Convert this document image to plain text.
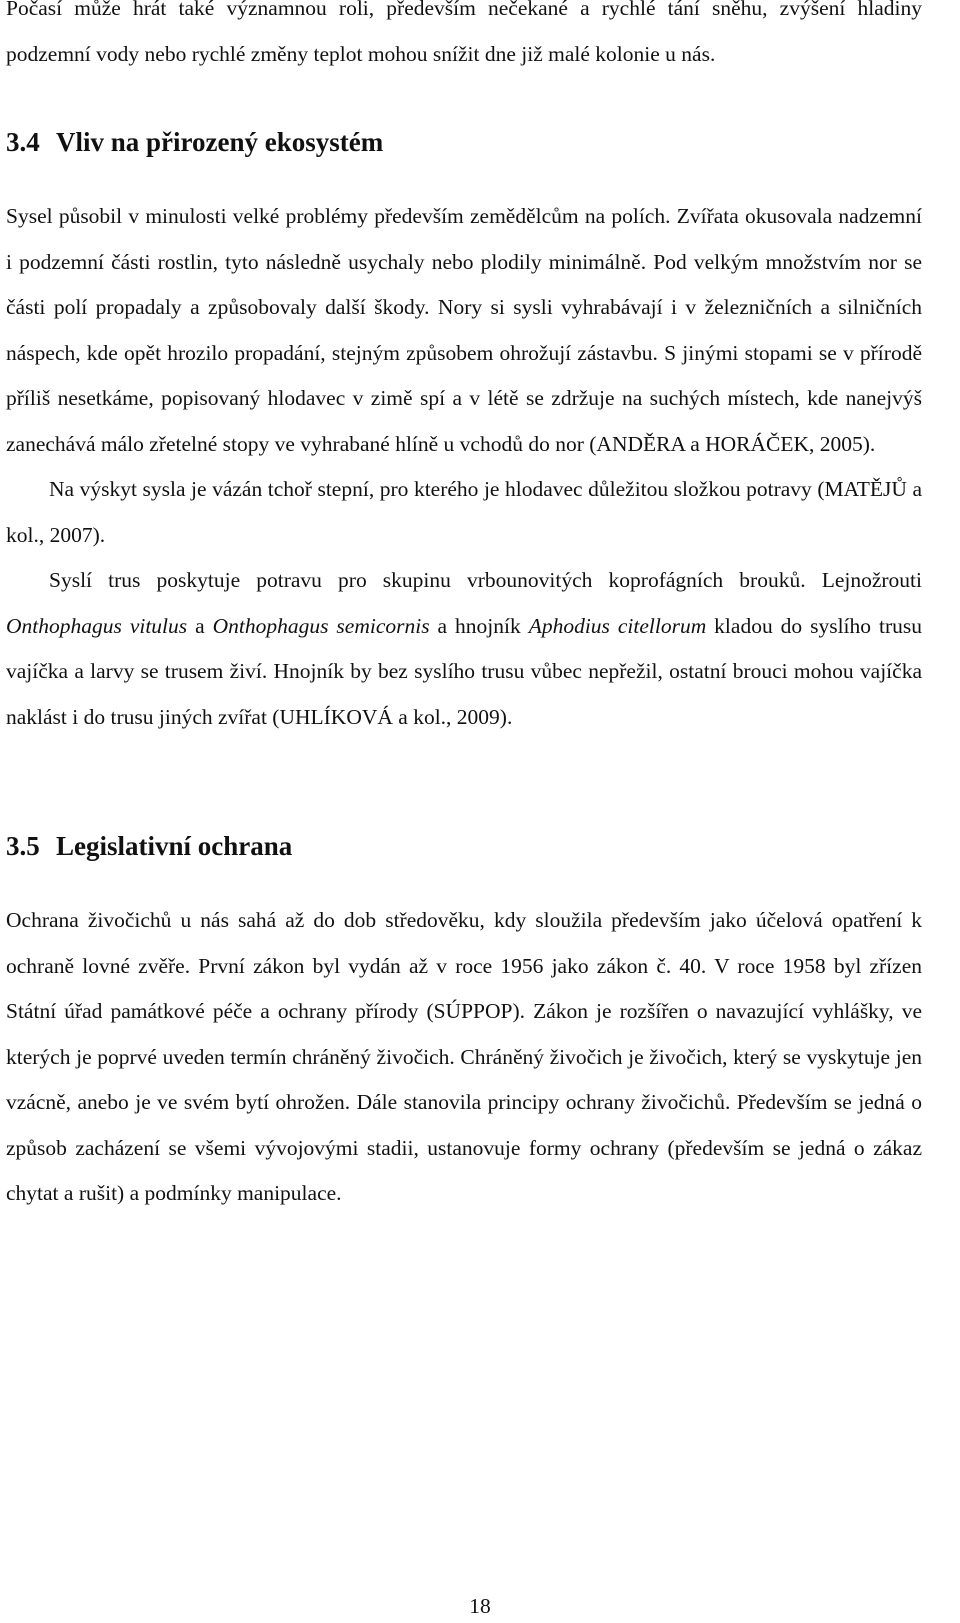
Počasí může hrát také významnou roli, především nečekané a rychlé tání sněhu, zvýšení hladiny podzemní vody nebo rychlé změny teplot mohou snížit dne již malé kolonie u nás.

3.4 Vliv na přirozený ekosystém

Sysel působil v minulosti velké problémy především zemědělcům na polích. Zvířata okusovala nadzemní i podzemní části rostlin, tyto následně usychaly nebo plodily minimálně. Pod velkým množstvím nor se části polí propadaly a způsobovaly další škody. Nory si sysli vyhrabávají i v železničních a silničních náspech, kde opět hrozilo propadání, stejným způsobem ohrožují zástavbu. S jinými stopami se v přírodě příliš nesetkáme, popisovaný hlodavec v zimě spí a v létě se zdržuje na suchých místech, kde nanejvýš zanechává málo zřetelné stopy ve vyhrabané hlíně u vchodů do nor (ANDĚRA a HORÁČEK, 2005).

Na výskyt sysla je vázán tchoř stepní, pro kterého je hlodavec důležitou složkou potravy (MATĚJŮ a kol., 2007).

Syslí trus poskytuje potravu pro skupinu vrbounovitých koprofágních brouků. Lejnožrouti Onthophagus vitulus a Onthophagus semicornis a hnojník Aphodius citellorum kladou do syslího trusu vajíčka a larvy se trusem živí. Hnojník by bez syslího trusu vůbec nepřežil, ostatní brouci mohou vajíčka naklást i do trusu jiných zvířat (UHLÍKOVÁ a kol., 2009).

3.5 Legislativní ochrana

Ochrana živočichů u nás sahá až do dob středověku, kdy sloužila především jako účelová opatření k ochraně lovné zvěře. První zákon byl vydán až v roce 1956 jako zákon č. 40. V roce 1958 byl zřízen Státní úřad památkové péče a ochrany přírody (SÚPPOP). Zákon je rozšířen o navazující vyhlášky, ve kterých je poprvé uveden termín chráněný živočich. Chráněný živočich je živočich, který se vyskytuje jen vzácně, anebo je ve svém bytí ohrožen. Dále stanovila principy ochrany živočichů. Především se jedná o způsob zacházení se všemi vývojovými stadii, ustanovuje formy ochrany (především se jedná o zákaz chytat a rušit) a podmínky manipulace.

18
